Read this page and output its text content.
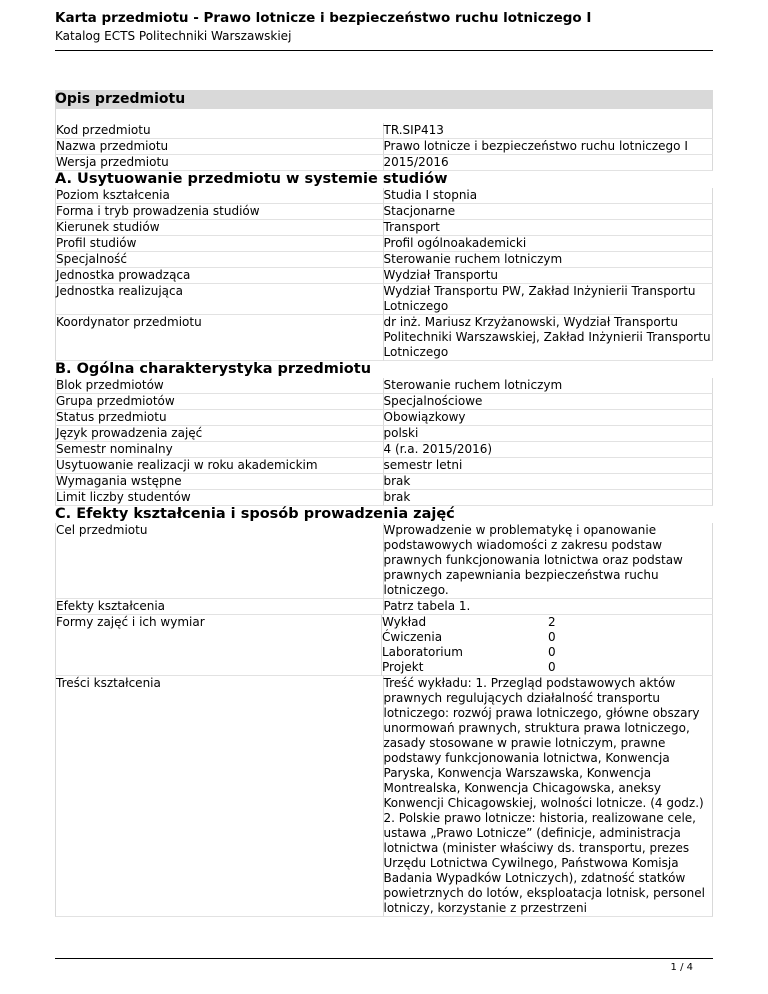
Karta przedmiotu - Prawo lotnicze i bezpieczeństwo ruchu lotniczego I
Katalog ECTS Politechniki Warszawskiej
Opis przedmiotu
Kod przedmiotu	TR.SIP413
Nazwa przedmiotu	Prawo lotnicze i bezpieczeństwo ruchu lotniczego I
Wersja przedmiotu	2015/2016
A. Usytuowanie przedmiotu w systemie studiów
Poziom kształcenia	Studia I stopnia
Forma i tryb prowadzenia studiów	Stacjonarne
Kierunek studiów	Transport
Profil studiów	Profil ogólnoakademicki
Specjalność	Sterowanie ruchem lotniczym
Jednostka prowadząca	Wydział Transportu
Jednostka realizująca	Wydział Transportu PW, Zakład Inżynierii Transportu Lotniczego
Koordynator przedmiotu	dr inż. Mariusz Krzyżanowski, Wydział Transportu Politechniki Warszawskiej, Zakład Inżynierii Transportu Lotniczego
B. Ogólna charakterystyka przedmiotu
Blok przedmiotów	Sterowanie ruchem lotniczym
Grupa przedmiotów	Specjalnościowe
Status przedmiotu	Obowiązkowy
Język prowadzenia zajęć	polski
Semestr nominalny	4 (r.a. 2015/2016)
Usytuowanie realizacji w roku akademickim	semestr letni
Wymagania wstępne	brak
Limit liczby studentów	brak
C. Efekty kształcenia i sposób prowadzenia zajęć
Cel przedmiotu	Wprowadzenie w problematykę i opanowanie podstawowych wiadomości z zakresu podstaw prawnych funkcjonowania lotnictwa oraz podstaw prawnych zapewniania bezpieczeństwa ruchu lotniczego.
Efekty kształcenia	Patrz tabela 1.
Formy zajęć i ich wymiar	Wykład	2
Ćwiczenia	0
Laboratorium	0
Projekt	0
Treści kształcenia	Treść wykładu: 1. Przegląd podstawowych aktów prawnych regulujących działalność transportu lotniczego: rozwój prawa lotniczego, główne obszary unormowań prawnych, struktura prawa lotniczego, zasady stosowane w prawie lotniczym, prawne podstawy funkcjonowania lotnictwa, Konwencja Paryska, Konwencja Warszawska, Konwencja Montrealska, Konwencja Chicagowska, aneksy Konwencji Chicagowskiej, wolności lotnicze. (4 godz.) 2. Polskie prawo lotnicze: historia, realizowane cele, ustawa „Prawo Lotnicze” (definicje, administracja lotnictwa (minister właściwy ds. transportu, prezes Urzędu Lotnictwa Cywilnego, Państwowa Komisja Badania Wypadków Lotniczych), zdatność statków powietrznych do lotów, eksploatacja lotnisk, personel lotniczy, korzystanie z przestrzeni
1 / 4
